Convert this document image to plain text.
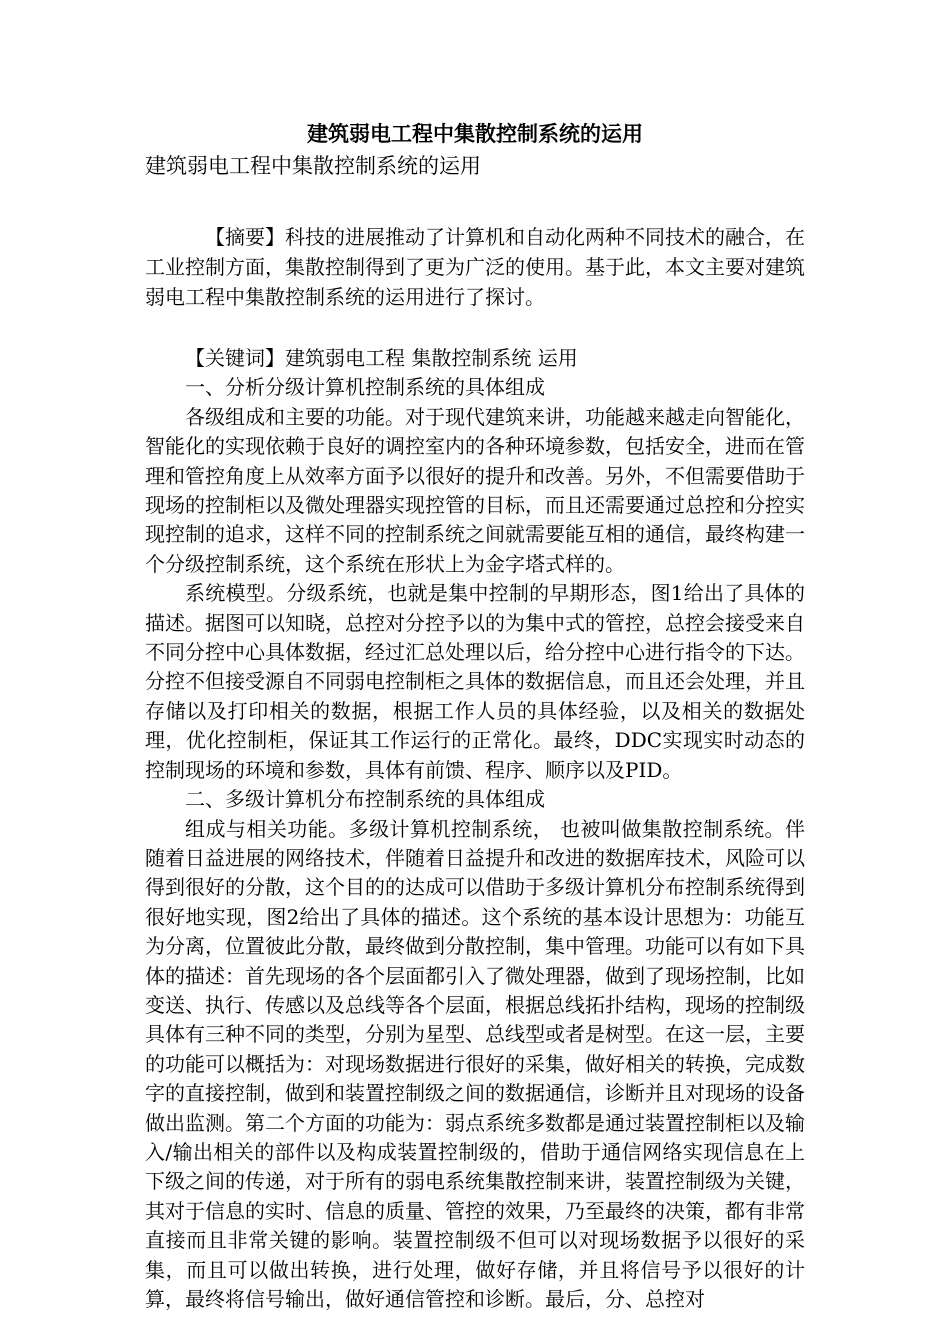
建筑弱电工程中集散控制系统的运用
建筑弱电工程中集散控制系统的运用

【摘要】科技的进展推动了计算机和自动化两种不同技术的融合，在工业控制方面，集散控制得到了更为广泛的使用。基于此，本文主要对建筑弱电工程中集散控制系统的运用进行了探讨。

【关键词】建筑弱电工程 集散控制系统 运用

一、分析分级计算机控制系统的具体组成

各级组成和主要的功能。对于现代建筑来讲，功能越来越走向智能化，智能化的实现依赖于良好的调控室内的各种环境参数，包括安全，进而在管理和管控角度上从效率方面予以很好的提升和改善。另外，不但需要借助于现场的控制柜以及微处理器实现控管的目标，而且还需要通过总控和分控实现控制的追求，这样不同的控制系统之间就需要能互相的通信，最终构建一个分级控制系统，这个系统在形状上为金字塔式样的。

系统模型。分级系统，也就是集中控制的早期形态，图1给出了具体的描述。据图可以知晓，总控对分控予以的为集中式的管控，总控会接受来自不同分控中心具体数据，经过汇总处理以后，给分控中心进行指令的下达。分控不但接受源自不同弱电控制柜之具体的数据信息，而且还会处理，并且存储以及打印相关的数据，根据工作人员的具体经验，以及相关的数据处理，优化控制柜，保证其工作运行的正常化。最终，DDC实现实时动态的控制现场的环境和参数，具体有前馈、程序、顺序以及PID。

二、多级计算机分布控制系统的具体组成

组成与相关功能。多级计算机控制系统， 也被叫做集散控制系统。伴随着日益进展的网络技术，伴随着日益提升和改进的数据库技术，风险可以得到很好的分散，这个目的的达成可以借助于多级计算机分布控制系统得到很好地实现，图2给出了具体的描述。这个系统的基本设计思想为：功能互为分离，位置彼此分散，最终做到分散控制，集中管理。功能可以有如下具体的描述：首先现场的各个层面都引入了微处理器，做到了现场控制，比如变送、执行、传感以及总线等各个层面，根据总线拓扑结构，现场的控制级具体有三种不同的类型，分别为星型、总线型或者是树型。在这一层，主要的功能可以概括为：对现场数据进行很好的采集，做好相关的转换，完成数字的直接控制，做到和装置控制级之间的数据通信，诊断并且对现场的设备做出监测。第二个方面的功能为：弱点系统多数都是通过装置控制柜以及输入/输出相关的部件以及构成装置控制级的，借助于通信网络实现信息在上下级之间的传递，对于所有的弱电系统集散控制来讲，装置控制级为关键，其对于信息的实时、信息的质量、管控的效果，乃至最终的决策，都有非常直接而且非常关键的影响。装置控制级不但可以对现场数据予以很好的采集，而且可以做出转换，进行处理，做好存储，并且将信号予以很好的计算，最终将信号输出，做好通信管控和诊断。最后，分、总控对
